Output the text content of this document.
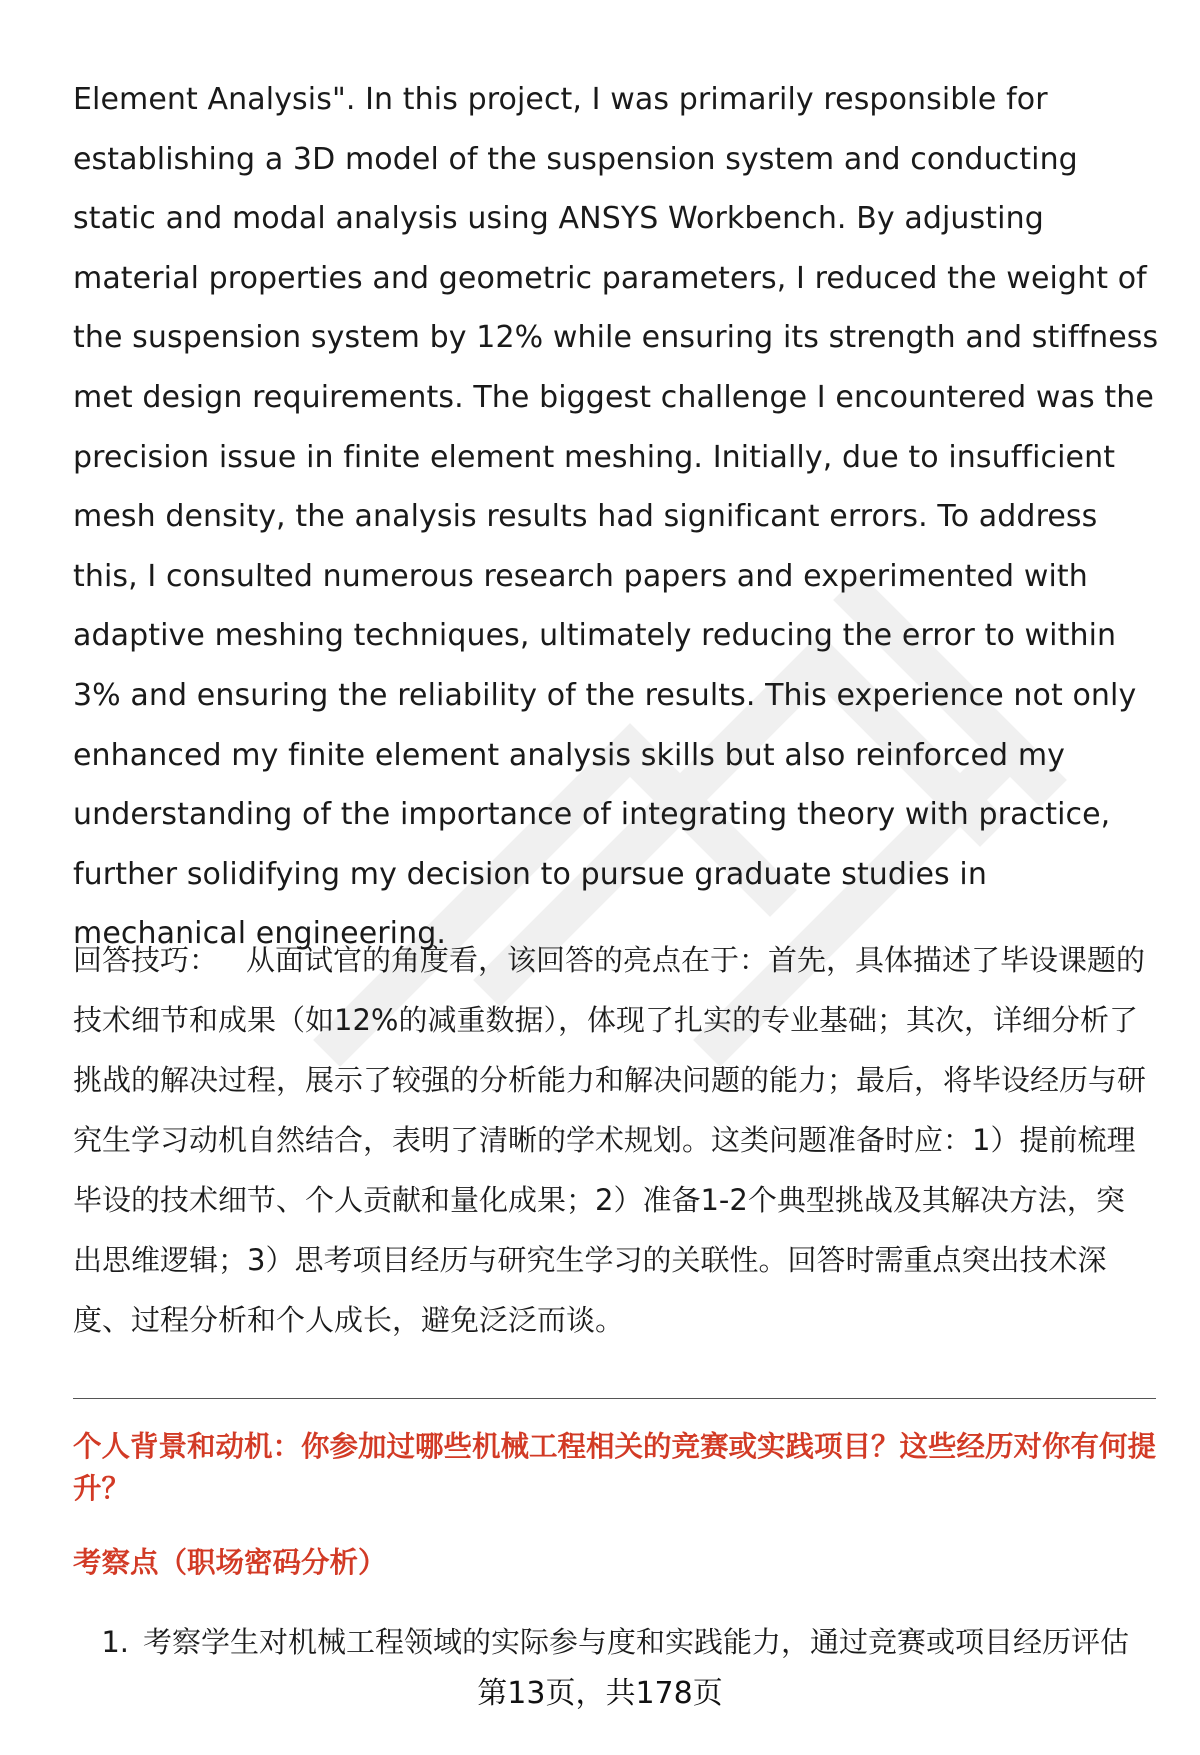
Element Analysis". In this project, I was primarily responsible for establishing a 3D model of the suspension system and conducting static and modal analysis using ANSYS Workbench. By adjusting material properties and geometric parameters, I reduced the weight of the suspension system by 12% while ensuring its strength and stiffness met design requirements. The biggest challenge I encountered was the precision issue in finite element meshing. Initially, due to insufficient mesh density, the analysis results had significant errors. To address this, I consulted numerous research papers and experimented with adaptive meshing techniques, ultimately reducing the error to within 3% and ensuring the reliability of the results. This experience not only enhanced my finite element analysis skills but also reinforced my understanding of the importance of integrating theory with practice, further solidifying my decision to pursue graduate studies in mechanical engineering.

回答技巧： 从面试官的角度看，该回答的亮点在于：首先，具体描述了毕设课题的技术细节和成果（如12%的减重数据），体现了扎实的专业基础；其次，详细分析了挑战的解决过程，展示了较强的分析能力和解决问题的能力；最后，将毕设经历与研究生学习动机自然结合，表明了清晰的学术规划。这类问题准备时应：1）提前梳理毕设的技术细节、个人贡献和量化成果；2）准备1-2个典型挑战及其解决方法，突出思维逻辑；3）思考项目经历与研究生学习的关联性。回答时需重点突出技术深度、过程分析和个人成长，避免泛泛而谈。

个人背景和动机：你参加过哪些机械工程相关的竞赛或实践项目？这些经历对你有何提升？
考察点（职场密码分析）
1. 考察学生对机械工程领域的实际参与度和实践能力，通过竞赛或项目经历评估
第13页，共178页
